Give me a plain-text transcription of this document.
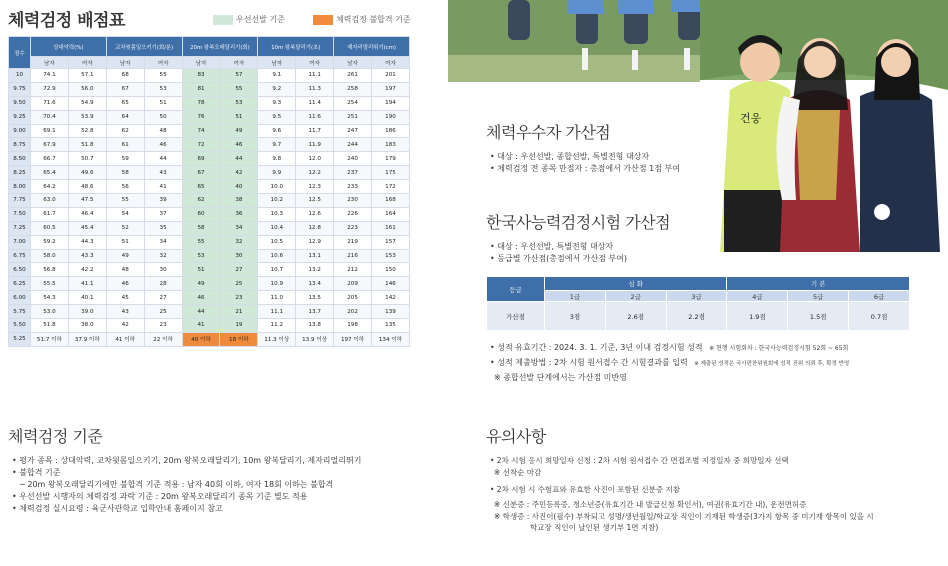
체력검정 배점표	우선선발 기준	체력검정 불합격 기준
점수	상대악력(%)		교차윗몸일으키기(회/분)		20m 왕복오래달리기(회)		10m 왕복달리기(초)		제자리멀리뛰기(cm)	
	남자	여자	남자	여자	남자	여자	남자	여자	남자	여자
10	74.1	57.1	68	55	83	57	9.1	11.1	261	201
9.75	72.9	56.0	67	53	81	55	9.2	11.3	258	197
9.50	71.6	54.9	65	51	78	53	9.3	11.4	254	194
9.25	70.4	53.9	64	50	76	51	9.5	11.6	251	190
9.00	69.1	52.8	62	48	74	49	9.6	11.7	247	186
8.75	67.9	51.8	61	46	72	46	9.7	11.9	244	183
8.50	66.7	50.7	59	44	69	44	9.8	12.0	240	179
8.25	65.4	49.6	58	43	67	42	9.9	12.2	237	175
8.00	64.2	48.6	56	41	65	40	10.0	12.3	233	172
7.75	63.0	47.5	55	39	62	38	10.2	12.5	230	168
7.50	61.7	46.4	54	37	60	36	10.3	12.6	226	164
7.25	60.5	45.4	52	35	58	34	10.4	12.8	223	161
7.00	59.2	44.3	51	34	55	32	10.5	12.9	219	157
6.75	58.0	43.3	49	32	53	30	10.6	13.1	216	153
6.50	56.8	42.2	48	30	51	27	10.7	13.2	212	150
6.25	55.5	41.1	46	28	49	25	10.9	13.4	209	146
6.00	54.3	40.1	45	27	46	23	11.0	13.5	205	142
5.75	53.0	39.0	43	25	44	21	11.1	13.7	202	139
5.50	51.8	38.0	42	23	41	19	11.2	13.8	198	135
5.25	51.7 이하	37.9 이하	41 이하	22 이하	40 이하	18 이하	11.3 이상	13.9 이상	197 이하	134 이하
체력검정 기준
• 평가 종목 : 상대악력, 교차윗몸일으키기, 20m 왕복오래달리기, 10m 왕복달리기, 제자리멀리뛰기
• 불합격 기준
─ 20m 왕복오래달리기에만 불합격 기준 적용 : 남자 40회 이하, 여자 18회 이하는 불합격
• 우선선발 시행자의 체력검정 과락 기준 : 20m 왕복오래달리기 종목 기준 별도 적용
• 체력검정 실시요령 : 육군사관학교 입학안내 홈페이지 참고
건웅
체력우수자 가산점
• 대상 : 우선선발, 종합선발, 특별전형 대상자
• 체력검정 전 종목 만점자 : 총점에서 가산점 1점 부여
한국사능력검정시험 가산점
• 대상 : 우선선발, 특별전형 대상자
• 등급별 가산점(총점에서 가산점 부여)
등급	심 화			기 본		
	1급	2급	3급	4급	5급	6급
가산점	3점	2.6점	2.2점	1.9점	1.5점	0.7점
• 성적 유효기간 : 2024. 3. 1. 기준, 3년 이내 검정시험 성적 ※ 현행 시험회차 : 한국사능력검정시험 52회 ~ 65회
• 성적 제출방법 : 2차 시험 원서접수 간 시험결과를 입력 ※ 제출된 성적은 국사편찬위원회에 성적 진위 의뢰 후, 확정 반영
※ 종합선발 단계에서는 가산점 미반영
유의사항
• 2차 시험 응시 희망일자 신청 : 2차 시험 원서접수 간 면접조별 지정일자 중 희망일자 선택
※ 선착순 마감
• 2차 시험 시 수험표와 유효한 사진이 포함된 신분증 지참
※ 신분증 : 주민등록증, 청소년증(유효기간 내 발급신청 확인서), 여권(유효기간 내), 운전면허증
※ 학생증 : 사진이(필수) 부착되고 성명/생년월일/학교장 직인이 기재된 학생증(3가지 항목 중 미기재 항목이 있을 시
학교장 직인이 날인된 생기부 1면 지참)
